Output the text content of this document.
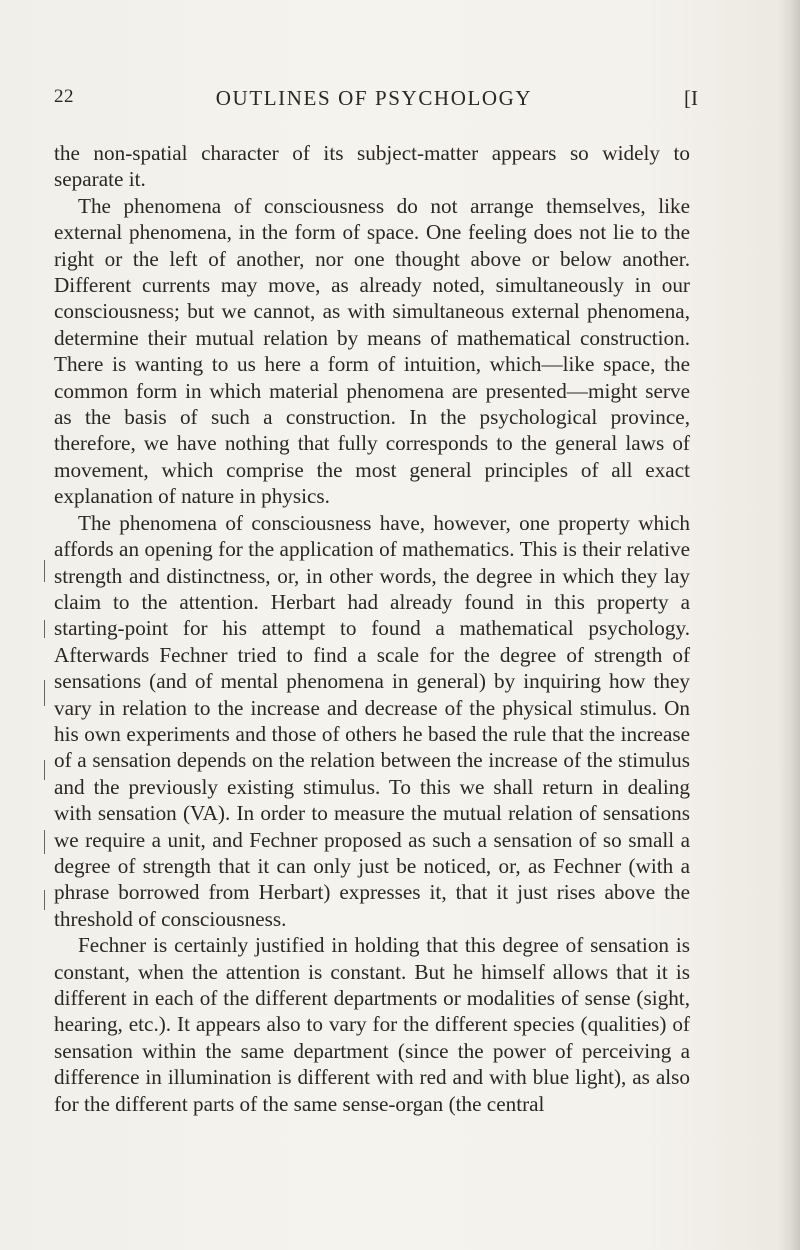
22	OUTLINES OF PSYCHOLOGY	[I

the non-spatial character of its subject-matter appears so widely to separate it.

The phenomena of consciousness do not arrange themselves, like external phenomena, in the form of space. One feeling does not lie to the right or the left of another, nor one thought above or below another. Different currents may move, as already noted, simultaneously in our consciousness; but we cannot, as with simultaneous external phenomena, determine their mutual relation by means of mathematical construction. There is wanting to us here a form of intuition, which—like space, the common form in which material phenomena are presented—might serve as the basis of such a construction. In the psychological province, therefore, we have nothing that fully corresponds to the general laws of movement, which comprise the most general principles of all exact explanation of nature in physics.

The phenomena of consciousness have, however, one property which affords an opening for the application of mathematics. This is their relative strength and distinctness, or, in other words, the degree in which they lay claim to the attention. Herbart had already found in this property a starting-point for his attempt to found a mathematical psychology. Afterwards Fechner tried to find a scale for the degree of strength of sensations (and of mental phenomena in general) by inquiring how they vary in relation to the increase and decrease of the physical stimulus. On his own experiments and those of others he based the rule that the increase of a sensation depends on the relation between the increase of the stimulus and the previously existing stimulus. To this we shall return in dealing with sensation (VA). In order to measure the mutual relation of sensations we require a unit, and Fechner proposed as such a sensation of so small a degree of strength that it can only just be noticed, or, as Fechner (with a phrase borrowed from Herbart) expresses it, that it just rises above the threshold of consciousness.

Fechner is certainly justified in holding that this degree of sensation is constant, when the attention is constant. But he himself allows that it is different in each of the different departments or modalities of sense (sight, hearing, etc.). It appears also to vary for the different species (qualities) of sensation within the same department (since the power of perceiving a difference in illumination is different with red and with blue light), as also for the different parts of the same sense-organ (the central
